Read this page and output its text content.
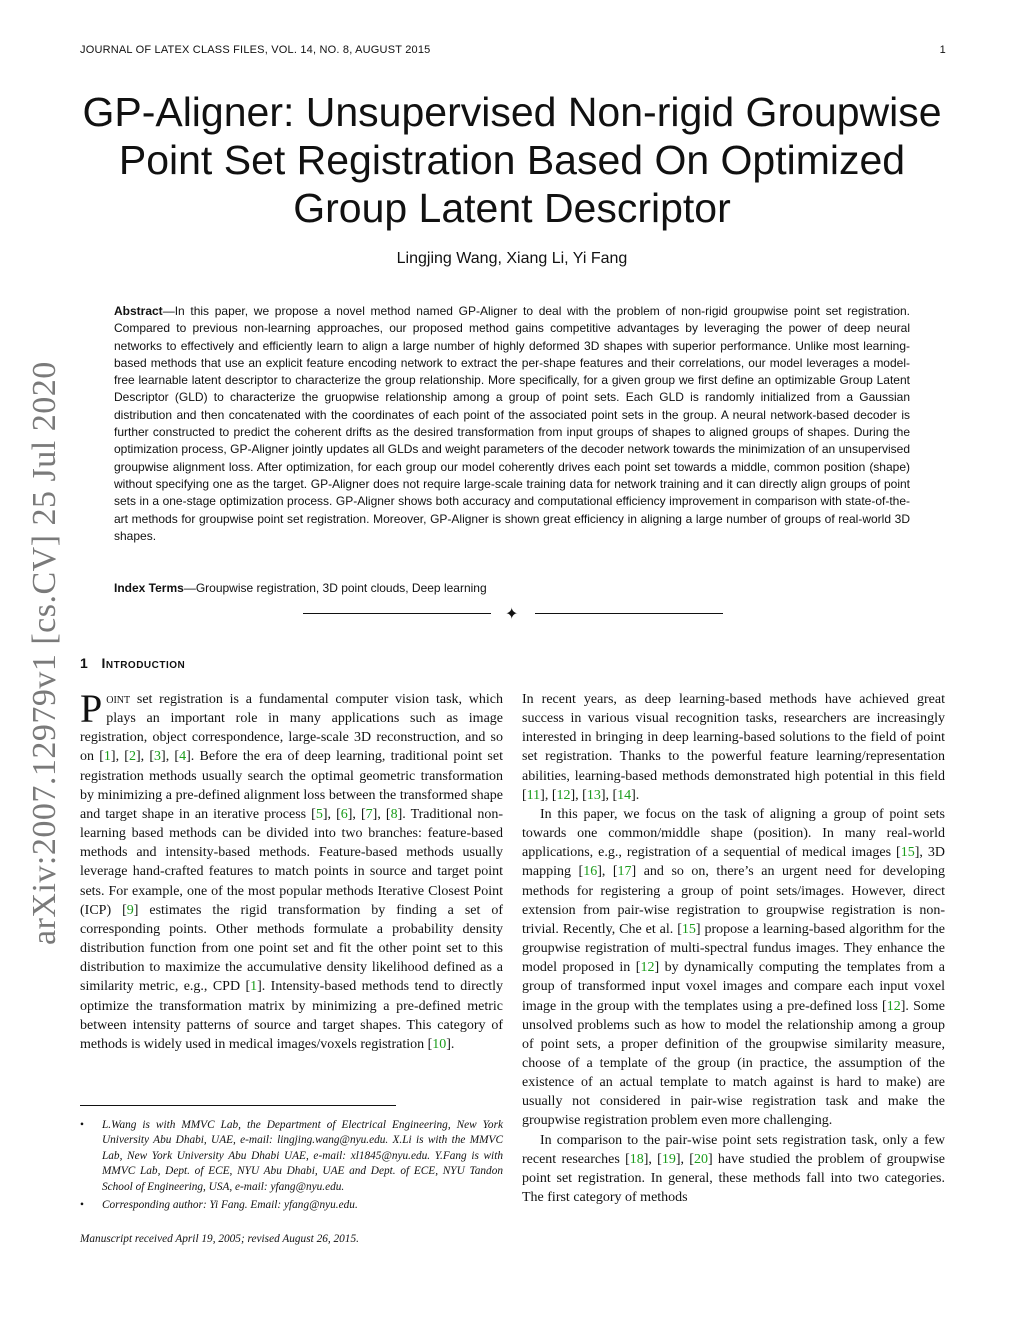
JOURNAL OF LATEX CLASS FILES, VOL. 14, NO. 8, AUGUST 2015	1
arXiv:2007.12979v1 [cs.CV] 25 Jul 2020
GP-Aligner: Unsupervised Non-rigid Groupwise Point Set Registration Based On Optimized Group Latent Descriptor
Lingjing Wang, Xiang Li, Yi Fang
Abstract—In this paper, we propose a novel method named GP-Aligner to deal with the problem of non-rigid groupwise point set registration. Compared to previous non-learning approaches, our proposed method gains competitive advantages by leveraging the power of deep neural networks to effectively and efficiently learn to align a large number of highly deformed 3D shapes with superior performance. Unlike most learning-based methods that use an explicit feature encoding network to extract the per-shape features and their correlations, our model leverages a model-free learnable latent descriptor to characterize the group relationship. More specifically, for a given group we first define an optimizable Group Latent Descriptor (GLD) to characterize the gruopwise relationship among a group of point sets. Each GLD is randomly initialized from a Gaussian distribution and then concatenated with the coordinates of each point of the associated point sets in the group. A neural network-based decoder is further constructed to predict the coherent drifts as the desired transformation from input groups of shapes to aligned groups of shapes. During the optimization process, GP-Aligner jointly updates all GLDs and weight parameters of the decoder network towards the minimization of an unsupervised groupwise alignment loss. After optimization, for each group our model coherently drives each point set towards a middle, common position (shape) without specifying one as the target. GP-Aligner does not require large-scale training data for network training and it can directly align groups of point sets in a one-stage optimization process. GP-Aligner shows both accuracy and computational efficiency improvement in comparison with state-of-the-art methods for groupwise point set registration. Moreover, GP-Aligner is shown great efficiency in aligning a large number of groups of real-world 3D shapes.
Index Terms—Groupwise registration, 3D point clouds, Deep learning
✦
1 Introduction

Point set registration is a fundamental computer vision task, which plays an important role in many applications such as image registration, object correspondence, large-scale 3D reconstruction, and so on [1], [2], [3], [4]. Before the era of deep learning, traditional point set registration methods usually search the optimal geometric transformation by minimizing a pre-defined alignment loss between the transformed shape and target shape in an iterative process [5], [6], [7], [8]. Traditional non-learning based methods can be divided into two branches: feature-based methods and intensity-based methods. Feature-based methods usually leverage hand-crafted features to match points in source and target point sets. For example, one of the most popular methods Iterative Closest Point (ICP) [9] estimates the rigid transformation by finding a set of corresponding points. Other methods formulate a probability density distribution function from one point set and fit the other point set to this distribution to maximize the accumulative density likelihood defined as a similarity metric, e.g., CPD [1]. Intensity-based methods tend to directly optimize the transformation matrix by minimizing a pre-defined metric between intensity patterns of source and target shapes. This category of methods is widely used in medical images/voxels registration [10].

• L.Wang is with MMVC Lab, the Department of Electrical Engineering, New York University Abu Dhabi, UAE, e-mail: lingjing.wang@nyu.edu. X.Li is with the MMVC Lab, New York University Abu Dhabi UAE, e-mail: xl1845@nyu.edu. Y.Fang is with MMVC Lab, Dept. of ECE, NYU Abu Dhabi, UAE and Dept. of ECE, NYU Tandon School of Engineering, USA, e-mail: yfang@nyu.edu.
• Corresponding author: Yi Fang. Email: yfang@nyu.edu.
Manuscript received April 19, 2005; revised August 26, 2015.

In recent years, as deep learning-based methods have achieved great success in various visual recognition tasks, researchers are increasingly interested in bringing in deep learning-based solutions to the field of point set registration. Thanks to the powerful feature learning/representation abilities, learning-based methods demonstrated high potential in this field [11], [12], [13], [14].

In this paper, we focus on the task of aligning a group of point sets towards one common/middle shape (position). In many real-world applications, e.g., registration of a sequential of medical images [15], 3D mapping [16], [17] and so on, there’s an urgent need for developing methods for registering a group of point sets/images. However, direct extension from pair-wise registration to groupwise registration is non-trivial. Recently, Che et al. [15] propose a learning-based algorithm for the groupwise registration of multi-spectral fundus images. They enhance the model proposed in [12] by dynamically computing the templates from a group of transformed input voxel images and compare each input voxel image in the group with the templates using a pre-defined loss [12]. Some unsolved problems such as how to model the relationship among a group of point sets, a proper definition of the groupwise similarity measure, choose of a template of the group (in practice, the assumption of the existence of an actual template to match against is hard to make) are usually not considered in pair-wise registration task and make the groupwise registration problem even more challenging.

In comparison to the pair-wise point sets registration task, only a few recent researches [18], [19], [20] have studied the problem of groupwise point set registration. In general, these methods fall into two categories. The first category of methods
